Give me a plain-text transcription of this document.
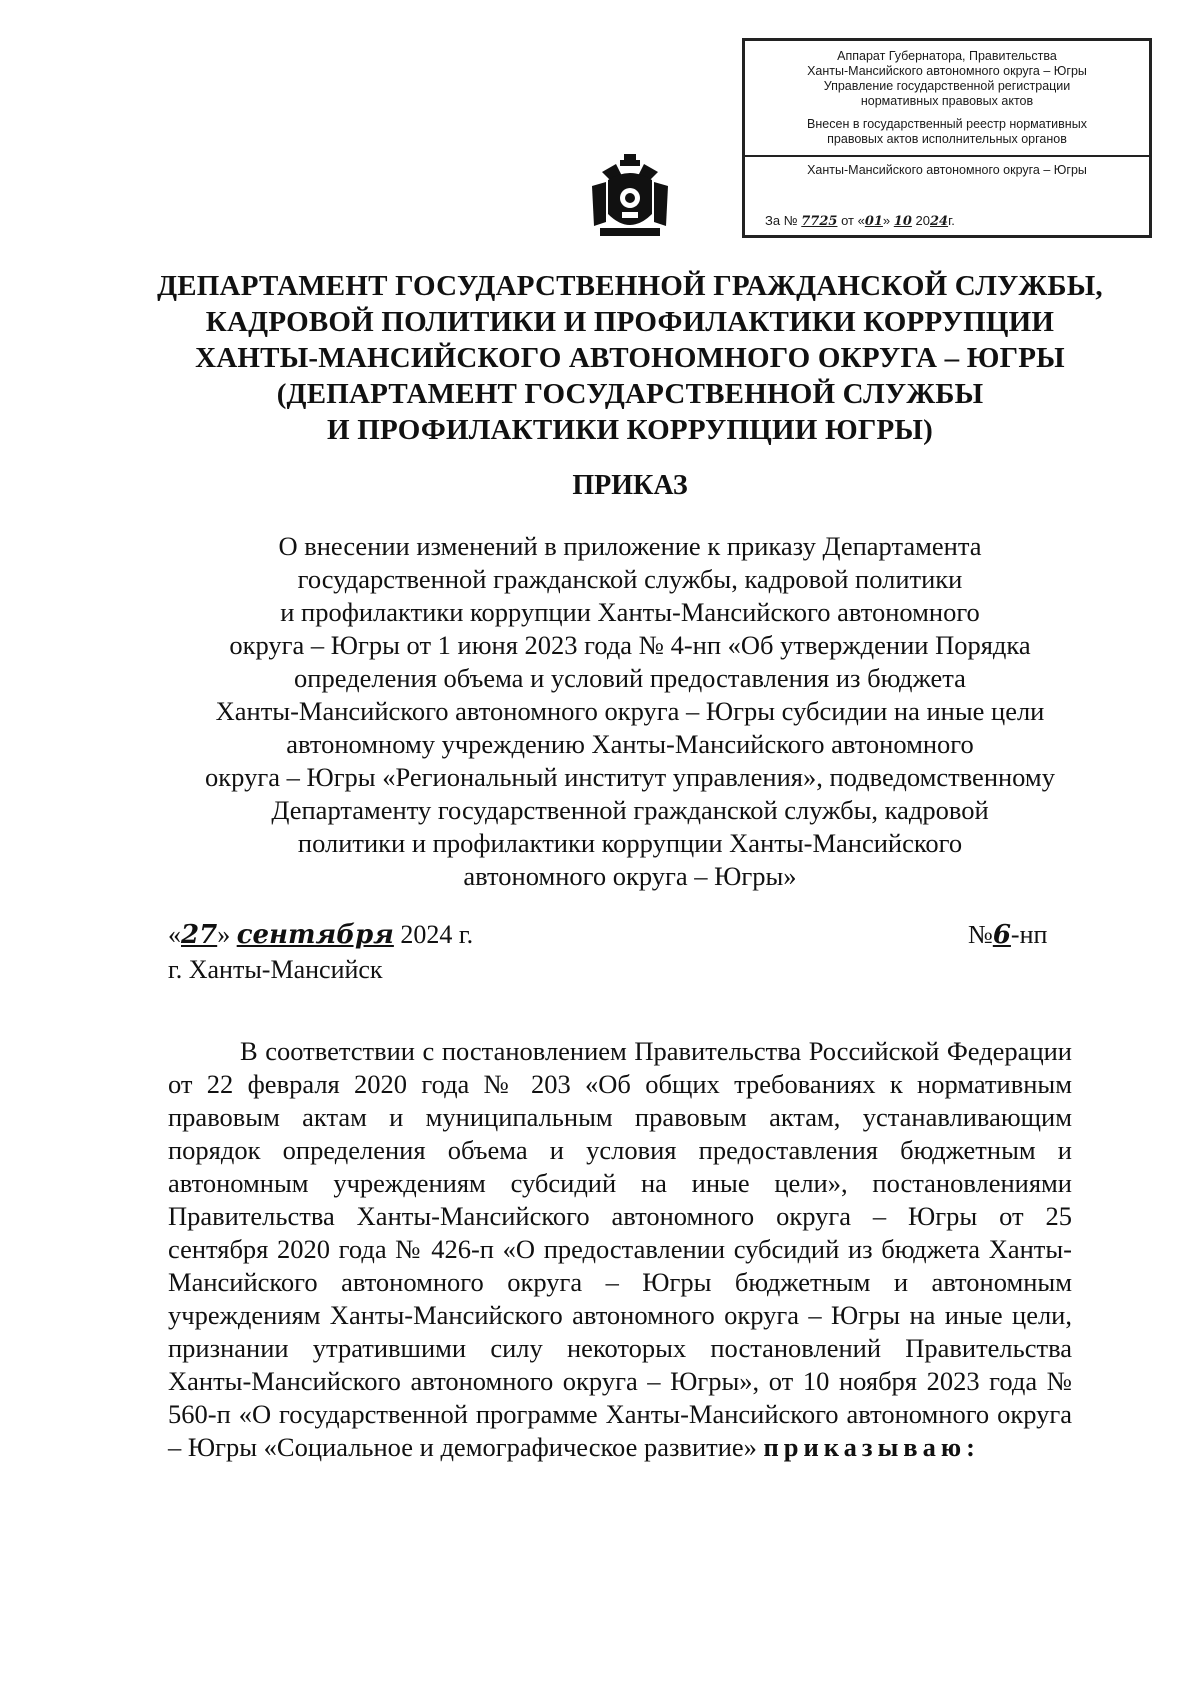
Аппарат Губернатора, Правительства
Ханты-Мансийского автономного округа – Югры
Управление государственной регистрации
нормативных правовых актов
Внесен в государственный реестр нормативных
правовых актов исполнительных органов
Ханты-Мансийского автономного округа – Югры
За № 7725 от «01» 10 2024г.
ДЕПАРТАМЕНТ ГОСУДАРСТВЕННОЙ ГРАЖДАНСКОЙ СЛУЖБЫ,
КАДРОВОЙ ПОЛИТИКИ И ПРОФИЛАКТИКИ КОРРУПЦИИ
ХАНТЫ-МАНСИЙСКОГО АВТОНОМНОГО ОКРУГА – ЮГРЫ
(ДЕПАРТАМЕНТ ГОСУДАРСТВЕННОЙ СЛУЖБЫ
И ПРОФИЛАКТИКИ КОРРУПЦИИ ЮГРЫ)
ПРИКАЗ
О внесении изменений в приложение к приказу Департамента
государственной гражданской службы, кадровой политики
и профилактики коррупции Ханты-Мансийского автономного
округа – Югры от 1 июня 2023 года № 4-нп «Об утверждении Порядка
определения объема и условий предоставления из бюджета
Ханты-Мансийского автономного округа – Югры субсидии на иные цели
автономному учреждению Ханты-Мансийского автономного
округа – Югры «Региональный институт управления», подведомственному
Департаменту государственной гражданской службы, кадровой
политики и профилактики коррупции Ханты-Мансийского
автономного округа – Югры»
«27» сентября 2024 г.	№6-нп
г. Ханты-Мансийск
В соответствии с постановлением Правительства Российской Федерации от 22 февраля 2020 года № 203 «Об общих требованиях к нормативным правовым актам и муниципальным правовым актам, устанавливающим порядок определения объема и условия предоставления бюджетным и автономным учреждениям субсидий на иные цели», постановлениями Правительства Ханты-Мансийского автономного округа – Югры от 25 сентября 2020 года № 426-п «О предоставлении субсидий из бюджета Ханты-Мансийского автономного округа – Югры бюджетным и автономным учреждениям Ханты-Мансийского автономного округа – Югры на иные цели, признании утратившими силу некоторых постановлений Правительства Ханты-Мансийского автономного округа – Югры», от 10 ноября 2023 года № 560-п «О государственной программе Ханты-Мансийского автономного округа – Югры «Социальное и демографическое развитие» приказываю:
